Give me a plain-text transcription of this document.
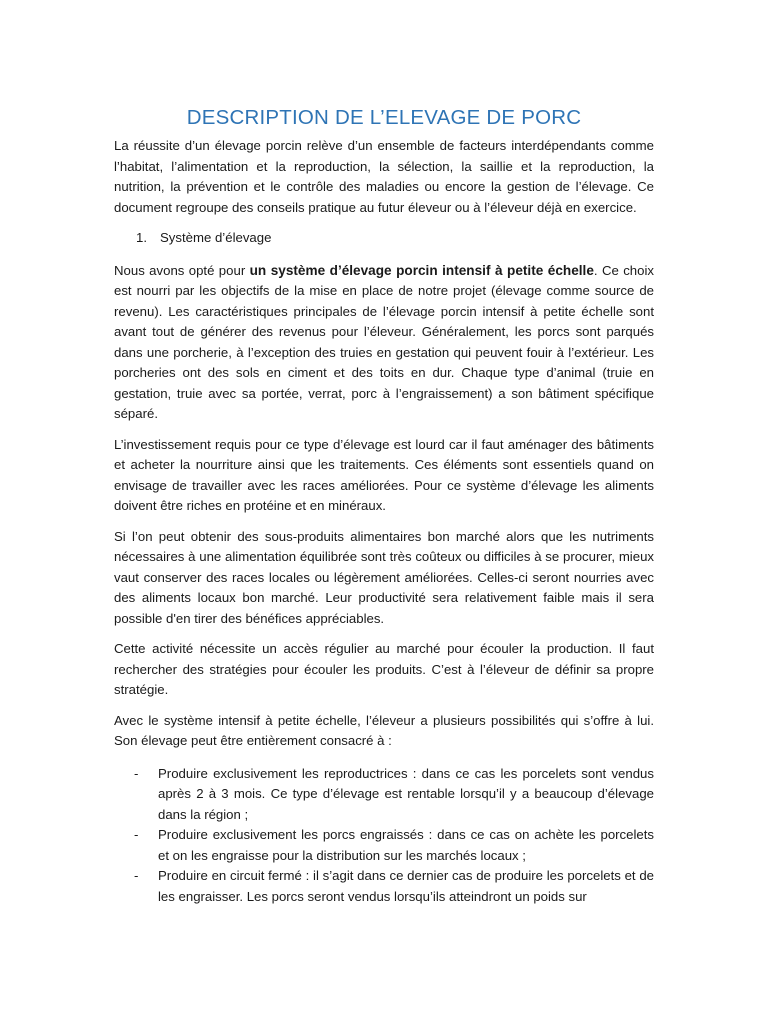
DESCRIPTION DE L’ELEVAGE DE PORC

La réussite d’un élevage porcin relève d’un ensemble de facteurs interdépendants comme l’habitat, l’alimentation et la reproduction, la sélection, la saillie et la reproduction, la nutrition, la prévention et le contrôle des maladies ou encore la gestion de l’élevage. Ce document regroupe des conseils pratique au futur éleveur ou à l’éleveur déjà en exercice.

1. Système d’élevage

Nous avons opté pour un système d’élevage porcin intensif à petite échelle. Ce choix est nourri par les objectifs de la mise en place de notre projet (élevage comme source de revenu). Les caractéristiques principales de l’élevage porcin intensif à petite échelle sont avant tout de générer des revenus pour l’éleveur. Généralement, les porcs sont parqués dans une porcherie, à l’exception des truies en gestation qui peuvent fouir à l’extérieur. Les porcheries ont des sols en ciment et des toits en dur. Chaque type d’animal (truie en gestation, truie avec sa portée, verrat, porc à l’engraissement) a son bâtiment spécifique séparé.

L’investissement requis pour ce type d’élevage est lourd car il faut aménager des bâtiments et acheter la nourriture ainsi que les traitements. Ces éléments sont essentiels quand on envisage de travailler avec les races améliorées. Pour ce système d’élevage les aliments doivent être riches en protéine et en minéraux.

Si l’on peut obtenir des sous-produits alimentaires bon marché alors que les nutriments nécessaires à une alimentation équilibrée sont très coûteux ou difficiles à se procurer, mieux vaut conserver des races locales ou légèrement améliorées. Celles-ci seront nourries avec des aliments locaux bon marché. Leur productivité sera relativement faible mais il sera possible d'en tirer des bénéfices appréciables.

Cette activité nécessite un accès régulier au marché pour écouler la production. Il faut rechercher des stratégies pour écouler les produits. C’est à l’éleveur de définir sa propre stratégie.

Avec le système intensif à petite échelle, l’éleveur a plusieurs possibilités qui s’offre à lui. Son élevage peut être entièrement consacré à :

-	Produire exclusivement les reproductrices : dans ce cas les porcelets sont vendus après 2 à 3 mois. Ce type d’élevage est rentable lorsqu’il y a beaucoup d’élevage dans la région ;
-	Produire exclusivement les porcs engraissés : dans ce cas on achète les porcelets et on les engraisse pour la distribution sur les marchés locaux ;
-	Produire en circuit fermé : il s’agit dans ce dernier cas de produire les porcelets et de les engraisser. Les porcs seront vendus lorsqu’ils atteindront un poids sur
